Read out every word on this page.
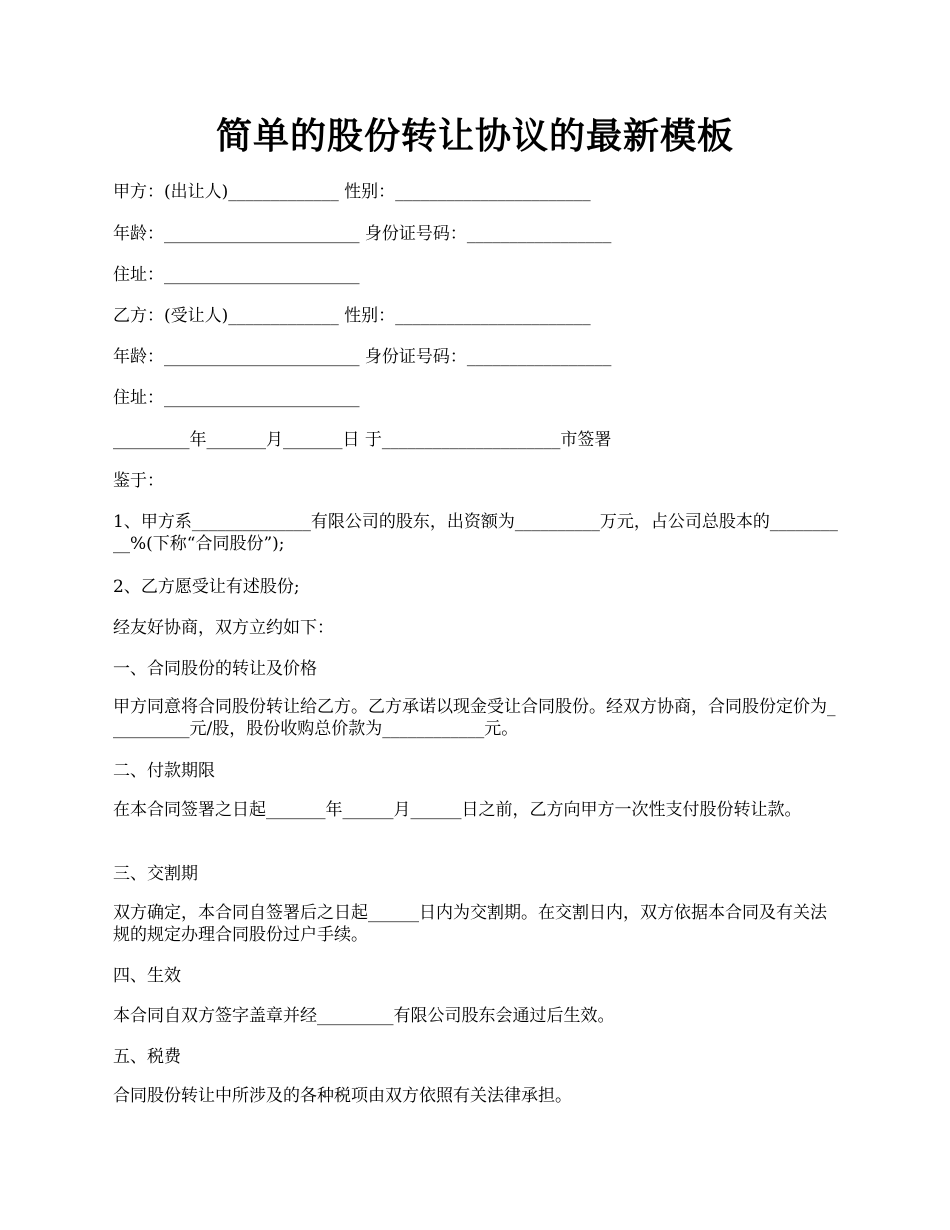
简单的股份转让协议的最新模板

甲方：(出让人)_____________ 性别：_______________________

年龄：_______________________ 身份证号码：_________________

住址：_______________________

乙方：(受让人)_____________ 性别：_______________________

年龄：_______________________ 身份证号码：_________________

住址：_______________________

_________年_______月_______日 于_____________________市签署

鉴于：

1、甲方系______________有限公司的股东，出资额为__________万元，占公司总股本的__________%(下称“合同股份”);

2、乙方愿受让有述股份;

经友好协商，双方立约如下：

一、合同股份的转让及价格

甲方同意将合同股份转让给乙方。乙方承诺以现金受让合同股份。经双方协商，合同股份定价为__________元/股，股份收购总价款为____________元。

二、付款期限

在本合同签署之日起_______年______月______日之前，乙方向甲方一次性支付股份转让款。

三、交割期

双方确定，本合同自签署后之日起______日内为交割期。在交割日内，双方依据本合同及有关法规的规定办理合同股份过户手续。

四、生效

本合同自双方签字盖章并经_________有限公司股东会通过后生效。

五、税费

合同股份转让中所涉及的各种税项由双方依照有关法律承担。
